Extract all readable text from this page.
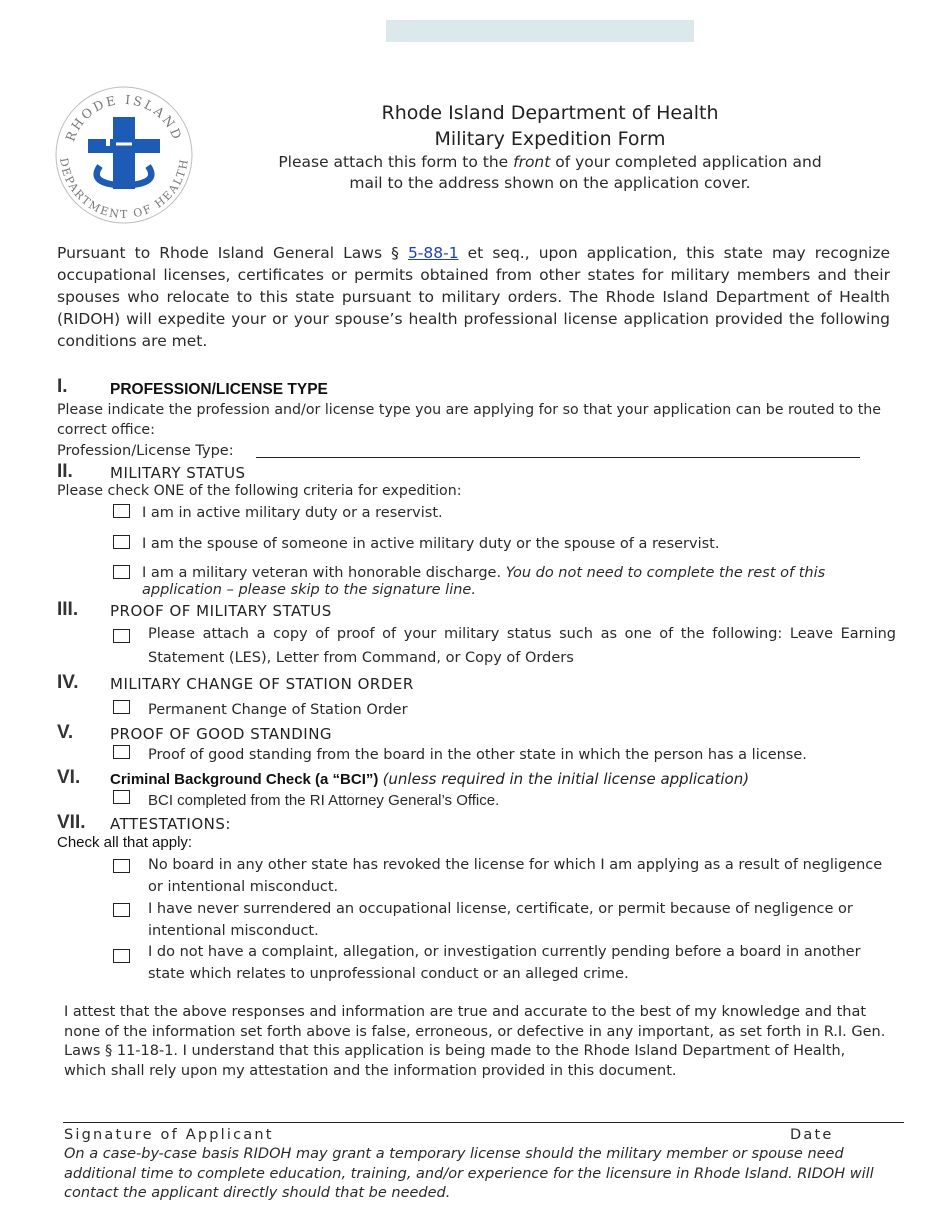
RHODE ISLAND
DEPARTMENT OF HEALTH
Rhode Island Department of Health
Military Expedition Form
Please attach this form to the front of your completed application and
mail to the address shown on the application cover.
Pursuant to Rhode Island General Laws § 5-88-1 et seq., upon application, this state may recognize occupational licenses, certificates or permits obtained from other states for military members and their spouses who relocate to this state pursuant to military orders. The Rhode Island Department of Health (RIDOH) will expedite your or your spouse’s health professional license application provided the following conditions are met.
I.	PROFESSION/LICENSE TYPE
Please indicate the profession and/or license type you are applying for so that your application can be routed to the correct office:
Profession/License Type:
II. MILITARY STATUS
Please check ONE of the following criteria for expedition:
I am in active military duty or a reservist.
I am the spouse of someone in active military duty or the spouse of a reservist.
I am a military veteran with honorable discharge. You do not need to complete the rest of this application – please skip to the signature line.
III. PROOF OF MILITARY STATUS
Please attach a copy of proof of your military status such as one of the following: Leave Earning Statement (LES), Letter from Command, or Copy of Orders
IV. MILITARY CHANGE OF STATION ORDER
Permanent Change of Station Order
V. PROOF OF GOOD STANDING
Proof of good standing from the board in the other state in which the person has a license.
VI. Criminal Background Check (a “BCI”) (unless required in the initial license application)
BCI completed from the RI Attorney General’s Office.
VII. ATTESTATIONS:
Check all that apply:
No board in any other state has revoked the license for which I am applying as a result of negligence or intentional misconduct.
I have never surrendered an occupational license, certificate, or permit because of negligence or intentional misconduct.
I do not have a complaint, allegation, or investigation currently pending before a board in another state which relates to unprofessional conduct or an alleged crime.
I attest that the above responses and information are true and accurate to the best of my knowledge and that none of the information set forth above is false, erroneous, or defective in any important, as set forth in R.I. Gen. Laws § 11-18-1. I understand that this application is being made to the Rhode Island Department of Health, which shall rely upon my attestation and the information provided in this document.
Signature of Applicant	Date
On a case-by-case basis RIDOH may grant a temporary license should the military member or spouse need additional time to complete education, training, and/or experience for the licensure in Rhode Island. RIDOH will contact the applicant directly should that be needed.
